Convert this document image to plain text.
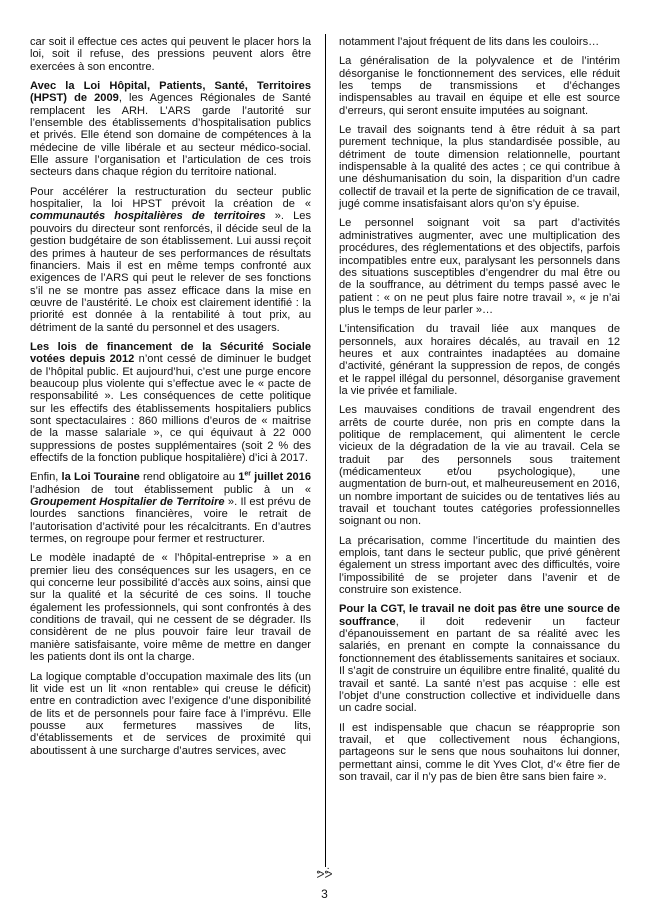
car soit il effectue ces actes qui peuvent le placer hors la loi, soit il refuse, des pressions peuvent alors être exercées à son encontre.

Avec la Loi Hôpital, Patients, Santé, Territoires (HPST) de 2009, les Agences Régionales de Santé remplacent les ARH. L’ARS garde l’autorité sur l’ensemble des établissements d’hospitalisation publics et privés. Elle étend son domaine de compétences à la médecine de ville libérale et au secteur médico-social. Elle assure l’organisation et l’articulation de ces trois secteurs dans chaque région du territoire national.

Pour accélérer la restructuration du secteur public hospitalier, la loi HPST prévoit la création de « communautés hospitalières de territoires ». Les pouvoirs du directeur sont renforcés, il décide seul de la gestion budgétaire de son établissement. Lui aussi reçoit des primes à hauteur de ses performances de résultats financiers. Mais il est en même temps confronté aux exigences de l’ARS qui peut le relever de ses fonctions s’il ne se montre pas assez efficace dans la mise en œuvre de l’austérité. Le choix est clairement identifié : la priorité est donnée à la rentabilité à tout prix, au détriment de la santé du personnel et des usagers.

Les lois de financement de la Sécurité Sociale votées depuis 2012 n’ont cessé de diminuer le budget de l’hôpital public. Et aujourd’hui, c’est une purge encore beaucoup plus violente qui s’effectue avec le « pacte de responsabilité ». Les conséquences de cette politique sur les effectifs des établissements hospitaliers publics sont spectaculaires : 860 millions d’euros de « maitrise de la masse salariale », ce qui équivaut à 22 000 suppressions de postes supplémentaires (soit 2 % des effectifs de la fonction publique hospitalière) d’ici à 2017.

Enfin, la Loi Touraine rend obligatoire au 1er juillet 2016 l’adhésion de tout établissement public à un « Groupement Hospitalier de Territoire ». Il est prévu de lourdes sanctions financières, voire le retrait de l’autorisation d’activité pour les récalcitrants. En d’autres termes, on regroupe pour fermer et restructurer.

Le modèle inadapté de « l’hôpital-entreprise » a en premier lieu des conséquences sur les usagers, en ce qui concerne leur possibilité d’accès aux soins, ainsi que sur la qualité et la sécurité de ces soins. Il touche également les professionnels, qui sont confrontés à des conditions de travail, qui ne cessent de se dégrader. Ils considèrent de ne plus pouvoir faire leur travail de manière satisfaisante, voire même de mettre en danger les patients dont ils ont la charge.

La logique comptable d’occupation maximale des lits (un lit vide est un lit «non rentable» qui creuse le déficit) entre en contradiction avec l’exigence d’une disponibilité de lits et de personnels pour faire face à l’imprévu. Elle pousse aux fermetures massives de lits, d’établissements et de services de proximité qui aboutissent à une surcharge d’autres services, avec

notamment l’ajout fréquent de lits dans les couloirs…

La généralisation de la polyvalence et de l’intérim désorganise le fonctionnement des services, elle réduit les temps de transmissions et d’échanges indispensables au travail en équipe et elle est source d’erreurs, qui seront ensuite imputées au soignant.

Le travail des soignants tend à être réduit à sa part purement technique, la plus standardisée possible, au détriment de toute dimension relationnelle, pourtant indispensable à la qualité des actes ; ce qui contribue à une déshumanisation du soin, la disparition d’un cadre collectif de travail et la perte de signification de ce travail, jugé comme insatisfaisant alors qu’on s’y épuise.

Le personnel soignant voit sa part d’activités administratives augmenter, avec une multiplication des procédures, des réglementations et des objectifs, parfois incompatibles entre eux, paralysant les personnels dans des situations susceptibles d’engendrer du mal être ou de la souffrance, au détriment du temps passé avec le patient : « on ne peut plus faire notre travail », « je n’ai plus le temps de leur parler »…

L’intensification du travail liée aux manques de personnels, aux horaires décalés, au travail en 12 heures et aux contraintes inadaptées au domaine d’activité, générant la suppression de repos, de congés et le rappel illégal du personnel, désorganise gravement la vie privée et familiale.

Les mauvaises conditions de travail engendrent des arrêts de courte durée, non pris en compte dans la politique de remplacement, qui alimentent le cercle vicieux de la dégradation de la vie au travail. Cela se traduit par des personnels sous traitement (médicamenteux et/ou psychologique), une augmentation de burn-out, et malheureusement en 2016, un nombre important de suicides ou de tentatives liés au travail et touchant toutes catégories professionnelles soignant ou non.

La précarisation, comme l’incertitude du maintien des emplois, tant dans le secteur public, que privé génèrent également un stress important avec des difficultés, voire l’impossibilité de se projeter dans l’avenir et de construire son existence.

Pour la CGT, le travail ne doit pas être une source de souffrance, il doit redevenir un facteur d’épanouissement en partant de sa réalité avec les salariés, en prenant en compte la connaissance du fonctionnement des établissements sanitaires et sociaux. Il s’agit de construire un équilibre entre finalité, qualité du travail et santé. La santé n’est pas acquise : elle est l’objet d’une construction collective et individuelle dans un cadre social.

Il est indispensable que chacun se réapproprie son travail, et que collectivement nous échangions, partageons sur le sens que nous souhaitons lui donner, permettant ainsi, comme le dit Yves Clot, d’« être fier de son travail, car il n’y pas de bien être sans bien faire ».

ᕗᕘ
3
